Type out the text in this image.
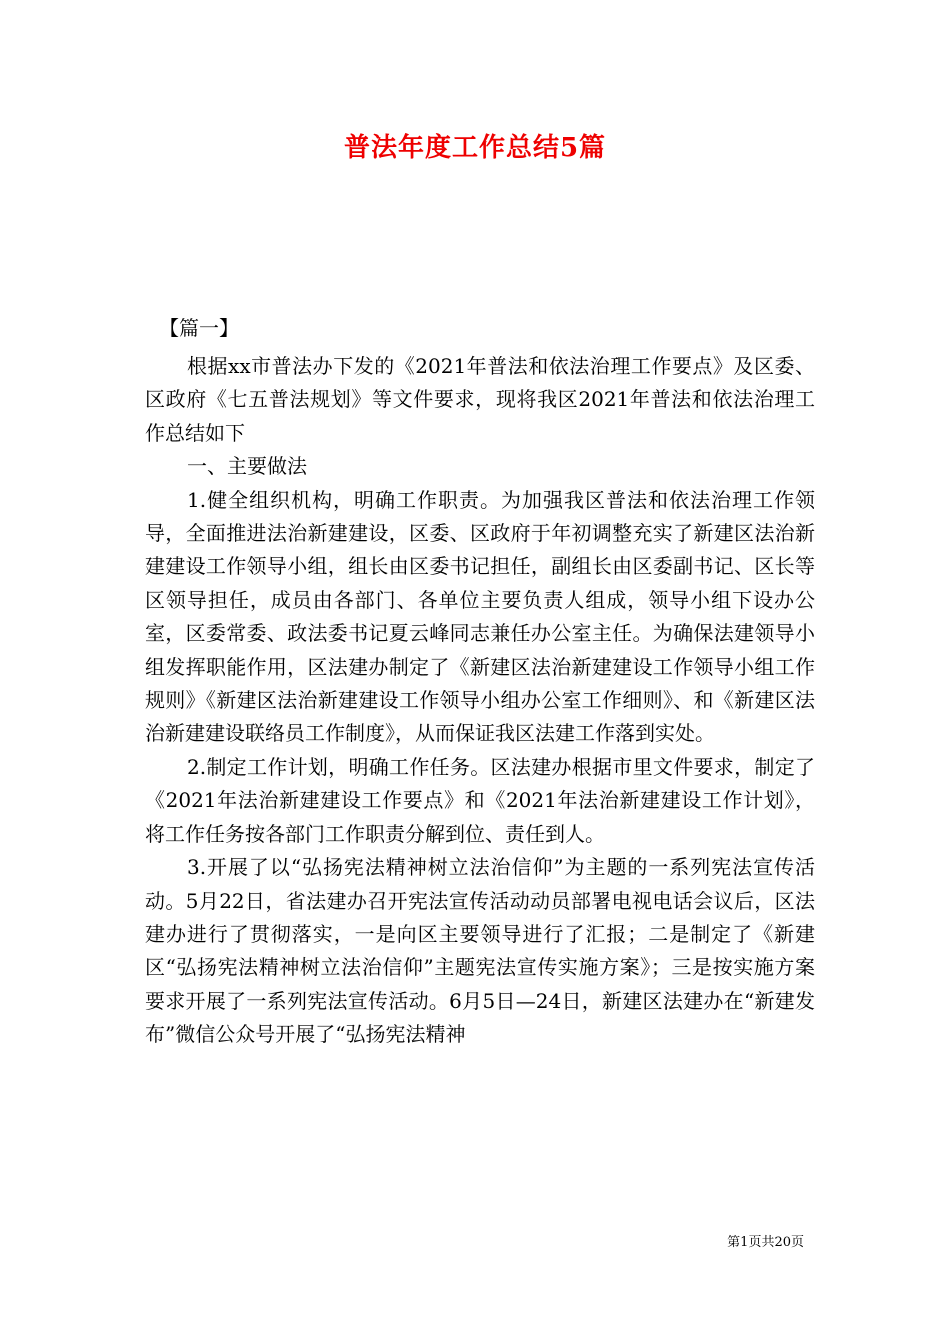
普法年度工作总结5篇
【篇一】

根据xx市普法办下发的《2021年普法和依法治理工作要点》及区委、区政府《七五普法规划》等文件要求，现将我区2021年普法和依法治理工作总结如下

一、主要做法

1.健全组织机构，明确工作职责。为加强我区普法和依法治理工作领导，全面推进法治新建建设，区委、区政府于年初调整充实了新建区法治新建建设工作领导小组，组长由区委书记担任，副组长由区委副书记、区长等区领导担任，成员由各部门、各单位主要负责人组成，领导小组下设办公室，区委常委、政法委书记夏云峰同志兼任办公室主任。为确保法建领导小组发挥职能作用，区法建办制定了《新建区法治新建建设工作领导小组工作规则》《新建区法治新建建设工作领导小组办公室工作细则》、和《新建区法治新建建设联络员工作制度》，从而保证我区法建工作落到实处。

2.制定工作计划，明确工作任务。区法建办根据市里文件要求，制定了《2021年法治新建建设工作要点》和《2021年法治新建建设工作计划》，将工作任务按各部门工作职责分解到位、责任到人。

3.开展了以“弘扬宪法精神树立法治信仰”为主题的一系列宪法宣传活动。5月22日，省法建办召开宪法宣传活动动员部署电视电话会议后，区法建办进行了贯彻落实，一是向区主要领导进行了汇报；二是制定了《新建区“弘扬宪法精神树立法治信仰”主题宪法宣传实施方案》；三是按实施方案要求开展了一系列宪法宣传活动。6月5日—24日，新建区法建办在“新建发布”微信公众号开展了“弘扬宪法精神

第1页共20页
